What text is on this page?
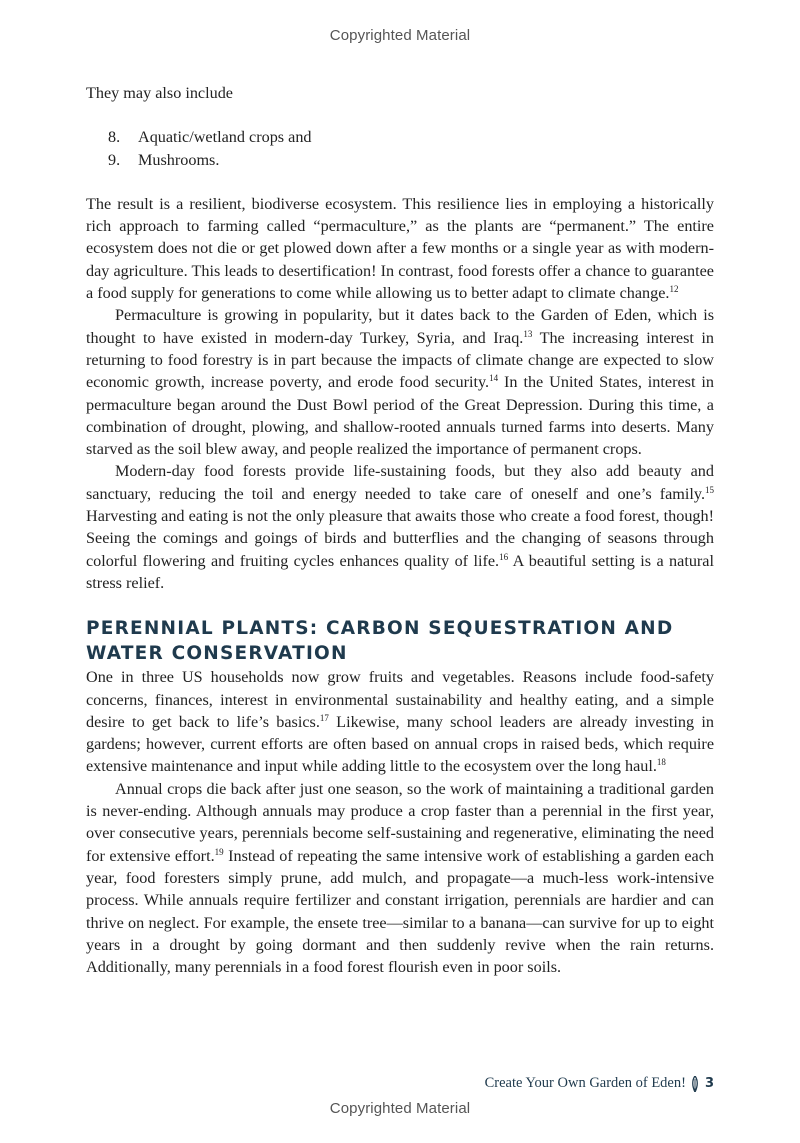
Copyrighted Material

They may also include

8.	Aquatic/wetland crops and
9.	Mushrooms.

The result is a resilient, biodiverse ecosystem. This resilience lies in employing a historically rich approach to farming called “permaculture,” as the plants are “permanent.” The entire ecosystem does not die or get plowed down after a few months or a single year as with modern-day agriculture. This leads to desertification! In contrast, food forests offer a chance to guarantee a food supply for generations to come while allowing us to better adapt to climate change.$^{12}$

Permaculture is growing in popularity, but it dates back to the Garden of Eden, which is thought to have existed in modern-day Turkey, Syria, and Iraq.$^{13}$ The increasing interest in returning to food forestry is in part because the impacts of climate change are expected to slow economic growth, increase poverty, and erode food security.$^{14}$ In the United States, interest in permaculture began around the Dust Bowl period of the Great Depression. During this time, a combination of drought, plowing, and shallow-rooted annuals turned farms into deserts. Many starved as the soil blew away, and people realized the importance of permanent crops.

Modern-day food forests provide life-sustaining foods, but they also add beauty and sanctuary, reducing the toil and energy needed to take care of oneself and one’s family.$^{15}$ Harvesting and eating is not the only pleasure that awaits those who create a food forest, though! Seeing the comings and goings of birds and butterflies and the changing of seasons through colorful flowering and fruiting cycles enhances quality of life.$^{16}$ A beautiful setting is a natural stress relief.

PERENNIAL PLANTS: CARBON SEQUESTRATION AND WATER CONSERVATION

One in three US households now grow fruits and vegetables. Reasons include food-safety concerns, finances, interest in environmental sustainability and healthy eating, and a simple desire to get back to life’s basics.$^{17}$ Likewise, many school leaders are already investing in gardens; however, current efforts are often based on annual crops in raised beds, which require extensive maintenance and input while adding little to the ecosystem over the long haul.$^{18}$

Annual crops die back after just one season, so the work of maintaining a traditional garden is never-ending. Although annuals may produce a crop faster than a perennial in the first year, over consecutive years, perennials become self-sustaining and regenerative, eliminating the need for extensive effort.$^{19}$ Instead of repeating the same intensive work of establishing a garden each year, food foresters simply prune, add mulch, and propagate—a much-less work-intensive process. While annuals require fertilizer and constant irrigation, perennials are hardier and can thrive on neglect. For example, the ensete tree—similar to a banana—can survive for up to eight years in a drought by going dormant and then suddenly revive when the rain returns. Additionally, many perennials in a food forest flourish even in poor soils.

Create Your Own Garden of Eden! 3
Copyrighted Material
